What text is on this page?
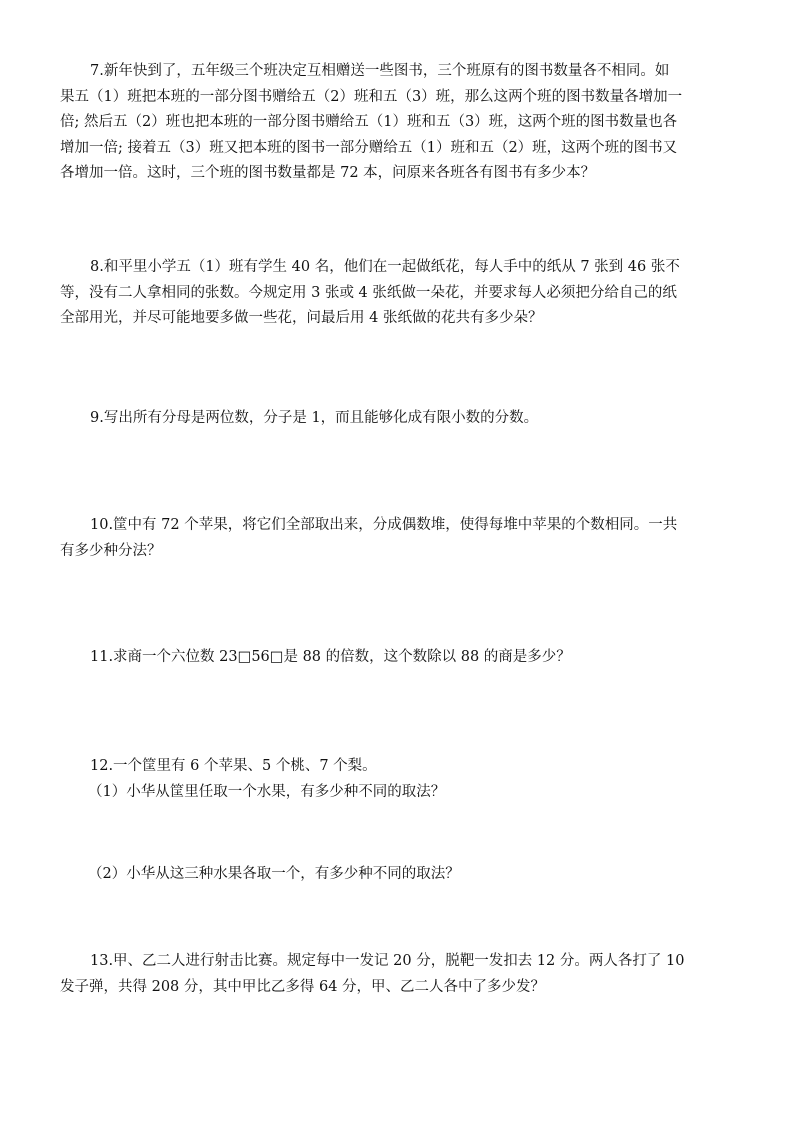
7.新年快到了，五年级三个班决定互相赠送一些图书，三个班原有的图书数量各不相同。如
果五（1）班把本班的一部分图书赠给五（2）班和五（3）班，那么这两个班的图书数量各增加一
倍; 然后五（2）班也把本班的一部分图书赠给五（1）班和五（3）班，这两个班的图书数量也各
增加一倍; 接着五（3）班又把本班的图书一部分赠给五（1）班和五（2）班，这两个班的图书又
各增加一倍。这时，三个班的图书数量都是 72 本，问原来各班各有图书有多少本？

8.和平里小学五（1）班有学生 40 名，他们在一起做纸花，每人手中的纸从 7 张到 46 张不
等，没有二人拿相同的张数。今规定用 3 张或 4 张纸做一朵花，并要求每人必须把分给自己的纸
全部用光，并尽可能地要多做一些花，问最后用 4 张纸做的花共有多少朵？

9.写出所有分母是两位数，分子是 1，而且能够化成有限小数的分数。

10.筐中有 72 个苹果，将它们全部取出来，分成偶数堆，使得每堆中苹果的个数相同。一共
有多少种分法？

11.求商一个六位数 23□56□是 88 的倍数，这个数除以 88 的商是多少？

12.一个筐里有 6 个苹果、5 个桃、7 个梨。
（1）小华从筐里任取一个水果，有多少种不同的取法？

（2）小华从这三种水果各取一个，有多少种不同的取法？

13.甲、乙二人进行射击比赛。规定每中一发记 20 分，脱靶一发扣去 12 分。两人各打了 10
发子弹，共得 208 分，其中甲比乙多得 64 分，甲、乙二人各中了多少发？
